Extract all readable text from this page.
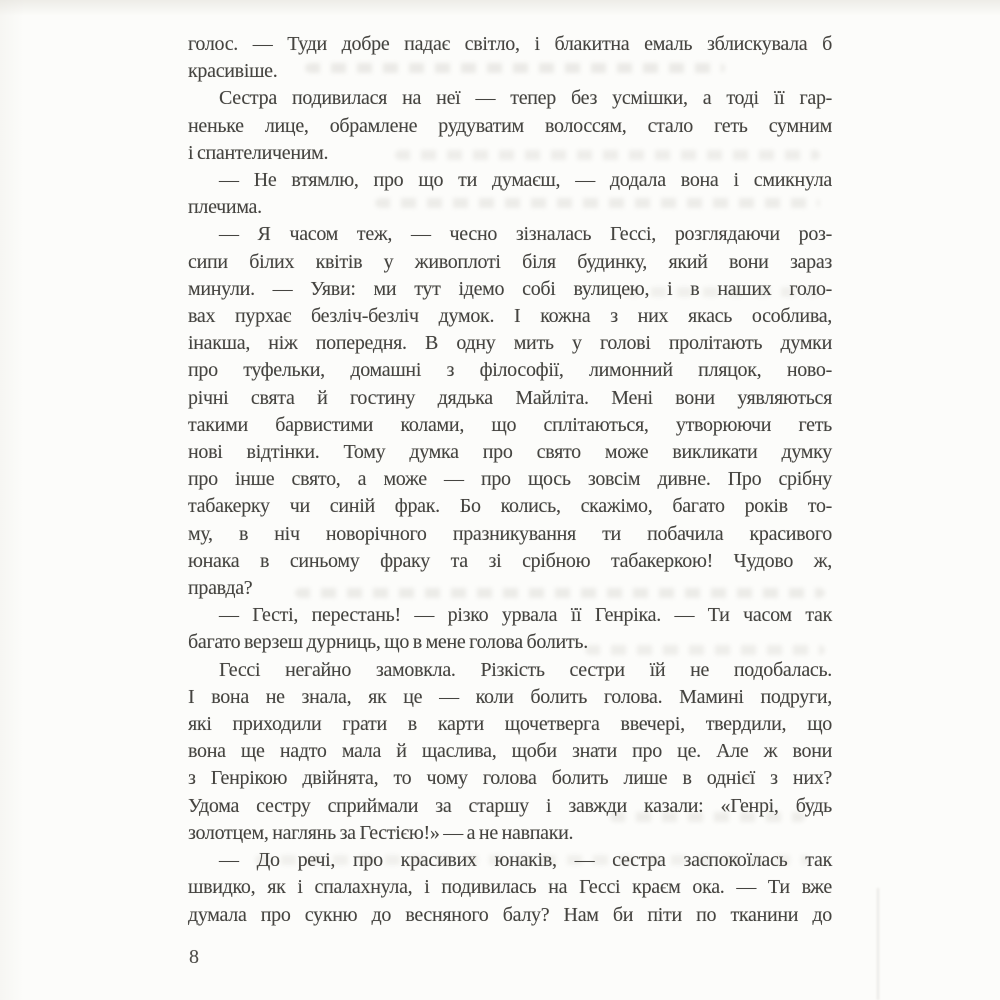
голос. — Туди добре падає світло, і блакитна емаль зблискувала б
красивіше.
Сестра подивилася на неї — тепер без усмішки, а тоді її гар-
неньке лице, обрамлене рудуватим волоссям, стало геть сумним
і спантеличеним.
— Не втямлю, про що ти думаєш, — додала вона і смикнула
плечима.
— Я часом теж, — чесно зізналась Гессі, розглядаючи роз-
сипи білих квітів у живоплоті біля будинку, який вони зараз
минули. — Уяви: ми тут ідемо собі вулицею, і в наших голо-
вах пурхає безліч-безліч думок. І кожна з них якась особлива,
інакша, ніж попередня. В одну мить у голові пролітають думки
про туфельки, домашні з філософії, лимонний пляцок, ново-
річні свята й гостину дядька Майліта. Мені вони уявляються
такими барвистими колами, що сплітаються, утворюючи геть
нові відтінки. Тому думка про свято може викликати думку
про інше свято, а може — про щось зовсім дивне. Про срібну
табакерку чи синій фрак. Бо колись, скажімо, багато років то-
му, в ніч новорічного празникування ти побачила красивого
юнака в синьому фраку та зі срібною табакеркою! Чудово ж,
правда?
— Гесті, перестань! — різко урвала її Генріка. — Ти часом так
багато верзеш дурниць, що в мене голова болить.
Гессі негайно замовкла. Різкість сестри їй не подобалась.
І вона не знала, як це — коли болить голова. Мамині подруги,
які приходили грати в карти щочетверга ввечері, твердили, що
вона ще надто мала й щаслива, щоби знати про це. Але ж вони
з Генрікою двійнята, то чому голова болить лише в однієї з них?
Удома сестру сприймали за старшу і завжди казали: «Генрі, будь
золотцем, наглянь за Гестією!» — а не навпаки.
— До речі, про красивих юнаків, — сестра заспокоїлась так
швидко, як і спалахнула, і подивилась на Гессі краєм ока. — Ти вже
думала про сукню до весняного балу? Нам би піти по тканини до
8
